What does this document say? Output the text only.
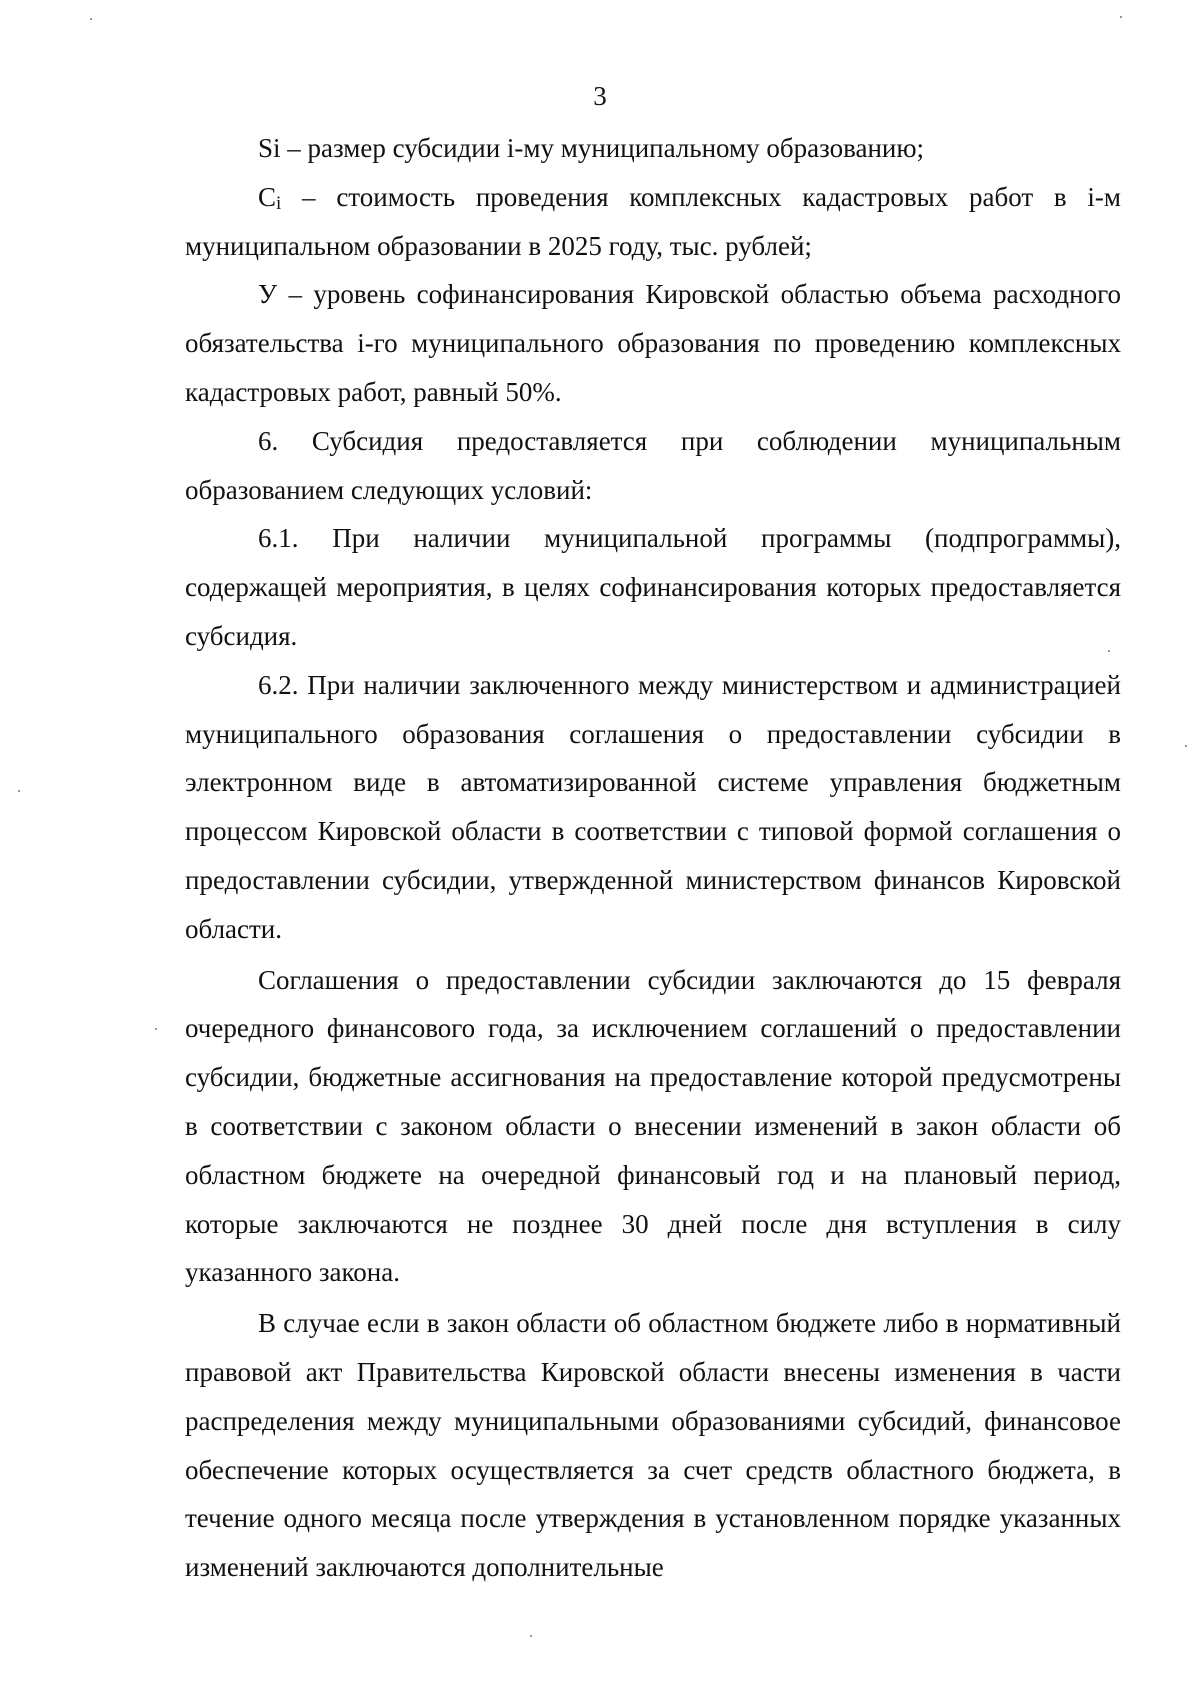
3

Si – размер субсидии i-му муниципальному образованию;

$C_i$ – стоимость проведения комплексных кадастровых работ в i-м муниципальном образовании в 2025 году, тыс. рублей;

У – уровень софинансирования Кировской областью объема расходного обязательства i-го муниципального образования по проведению комплексных кадастровых работ, равный 50%.

6. Субсидия предоставляется при соблюдении муниципальным образованием следующих условий:

6.1. При наличии муниципальной программы (подпрограммы), содержащей мероприятия, в целях софинансирования которых предоставляется субсидия.

6.2. При наличии заключенного между министерством и администрацией муниципального образования соглашения о предоставлении субсидии в электронном виде в автоматизированной системе управления бюджетным процессом Кировской области в соответствии с типовой формой соглашения о предоставлении субсидии, утвержденной министерством финансов Кировской области.

Соглашения о предоставлении субсидии заключаются до 15 февраля очередного финансового года, за исключением соглашений о предоставлении субсидии, бюджетные ассигнования на предоставление которой предусмотрены в соответствии с законом области о внесении изменений в закон области об областном бюджете на очередной финансовый год и на плановый период, которые заключаются не позднее 30 дней после дня вступления в силу указанного закона.

В случае если в закон области об областном бюджете либо в нормативный правовой акт Правительства Кировской области внесены изменения в части распределения между муниципальными образованиями субсидий, финансовое обеспечение которых осуществляется за счет средств областного бюджета, в течение одного месяца после утверждения в установленном порядке указанных изменений заключаются дополнительные
